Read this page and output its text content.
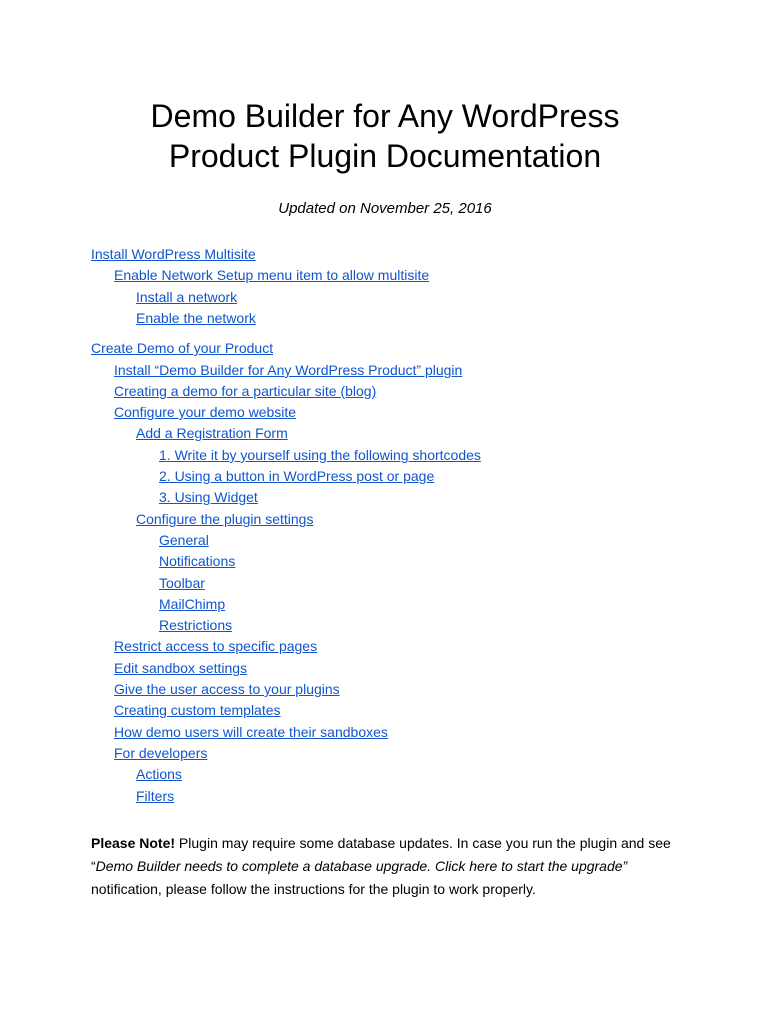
Demo Builder for Any WordPress
Product Plugin Documentation
Updated on November 25, 2016
Install WordPress Multisite
Enable Network Setup menu item to allow multisite
Install a network
Enable the network
Create Demo of your Product
Install “Demo Builder for Any WordPress Product” plugin
Creating a demo for a particular site (blog)
Configure your demo website
Add a Registration Form
1. Write it by yourself using the following shortcodes
2. Using a button in WordPress post or page
3. Using Widget
Configure the plugin settings
General
Notifications
Toolbar
MailChimp
Restrictions
Restrict access to specific pages
Edit sandbox settings
Give the user access to your plugins
Creating custom templates
How demo users will create their sandboxes
For developers
Actions
Filters

Please Note! Plugin may require some database updates. In case you run the plugin and see
“Demo Builder needs to complete a database upgrade. Click here to start the upgrade”
notification, please follow the instructions for the plugin to work properly.
